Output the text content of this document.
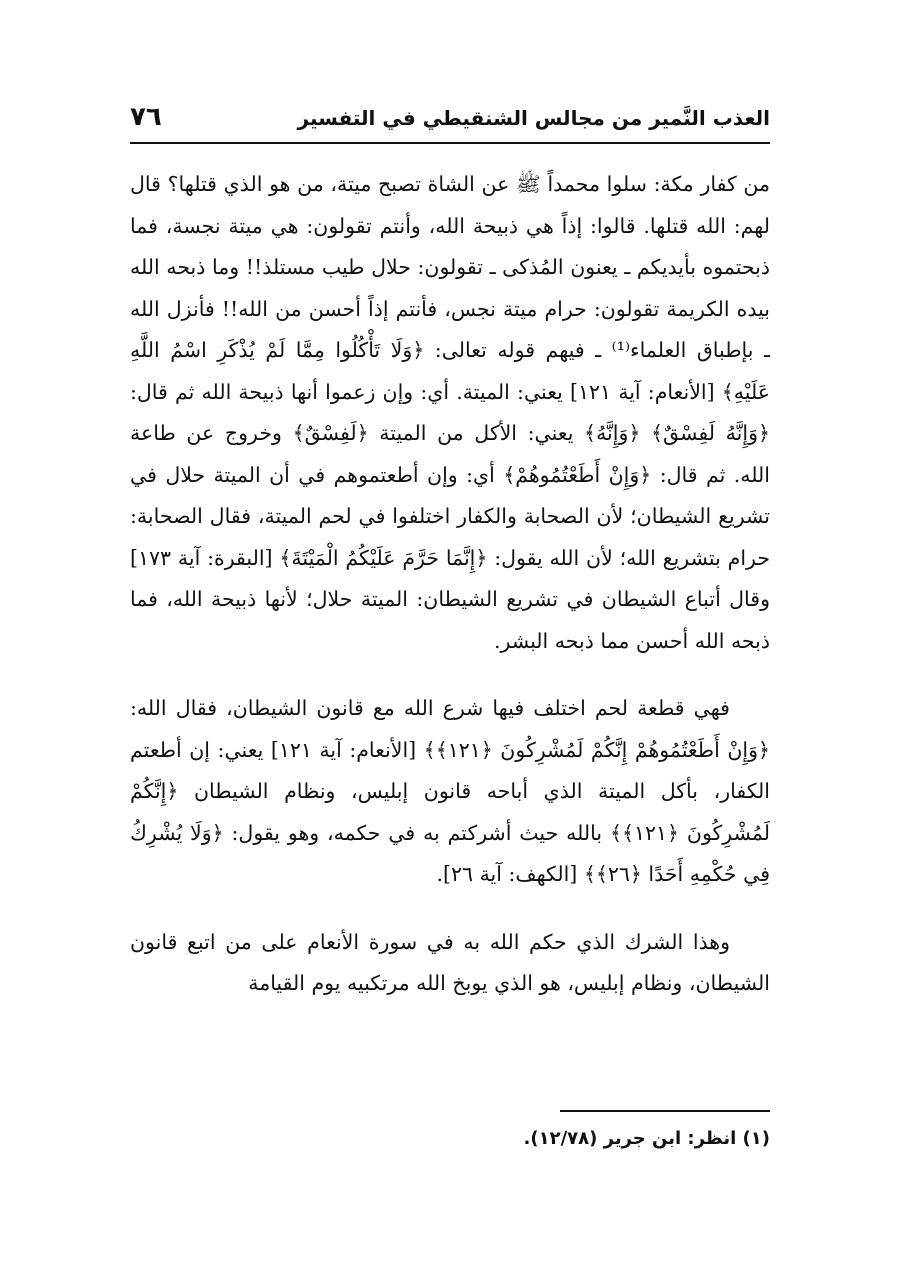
٧٦	العذب النَّمير من مجالس الشنقيطي في التفسير

من كفار مكة: سلوا محمداً ﷺ عن الشاة تصبح ميتة، من هو الذي قتلها؟ قال لهم: الله قتلها. قالوا: إذاً هي ذبيحة الله، وأنتم تقولون: هي ميتة نجسة، فما ذبحتموه بأيديكم ـ يعنون المُذكى ـ تقولون: حلال طيب مستلذ!! وما ذبحه الله بيده الكريمة تقولون: حرام ميتة نجس، فأنتم إذاً أحسن من الله!! فأنزل الله ـ بإطباق العلماء⁽¹⁾ ـ فيهم قوله تعالى: ﴿وَلَا تَأْكُلُوا مِمَّا لَمْ يُذْكَرِ اسْمُ اللَّهِ عَلَيْهِ﴾ [الأنعام: آية ١٢١] يعني: الميتة. أي: وإن زعموا أنها ذبيحة الله ثم قال: ﴿وَإِنَّهُ لَفِسْقٌ﴾ ﴿وَإِنَّهُ﴾ يعني: الأكل من الميتة ﴿لَفِسْقٌ﴾ وخروج عن طاعة الله. ثم قال: ﴿وَإِنْ أَطَعْتُمُوهُمْ﴾ أي: وإن أطعتموهم في أن الميتة حلال في تشريع الشيطان؛ لأن الصحابة والكفار اختلفوا في لحم الميتة، فقال الصحابة: حرام بتشريع الله؛ لأن الله يقول: ﴿إِنَّمَا حَرَّمَ عَلَيْكُمُ الْمَيْتَةَ﴾ [البقرة: آية ١٧٣] وقال أتباع الشيطان في تشريع الشيطان: الميتة حلال؛ لأنها ذبيحة الله، فما ذبحه الله أحسن مما ذبحه البشر.

فهي قطعة لحم اختلف فيها شرع الله مع قانون الشيطان، فقال الله: ﴿وَإِنْ أَطَعْتُمُوهُمْ إِنَّكُمْ لَمُشْرِكُونَ ﴿١٢١﴾﴾ [الأنعام: آية ١٢١] يعني: إن أطعتم الكفار، بأكل الميتة الذي أباحه قانون إبليس، ونظام الشيطان ﴿إِنَّكُمْ لَمُشْرِكُونَ ﴿١٢١﴾﴾ بالله حيث أشركتم به في حكمه، وهو يقول: ﴿وَلَا يُشْرِكُ فِي حُكْمِهِ أَحَدًا ﴿٢٦﴾﴾ [الكهف: آية ٢٦].

وهذا الشرك الذي حكم الله به في سورة الأنعام على من اتبع قانون الشيطان، ونظام إبليس، هو الذي يوبخ الله مرتكبيه يوم القيامة

(١) انظر: ابن جرير (١٢/٧٨).
